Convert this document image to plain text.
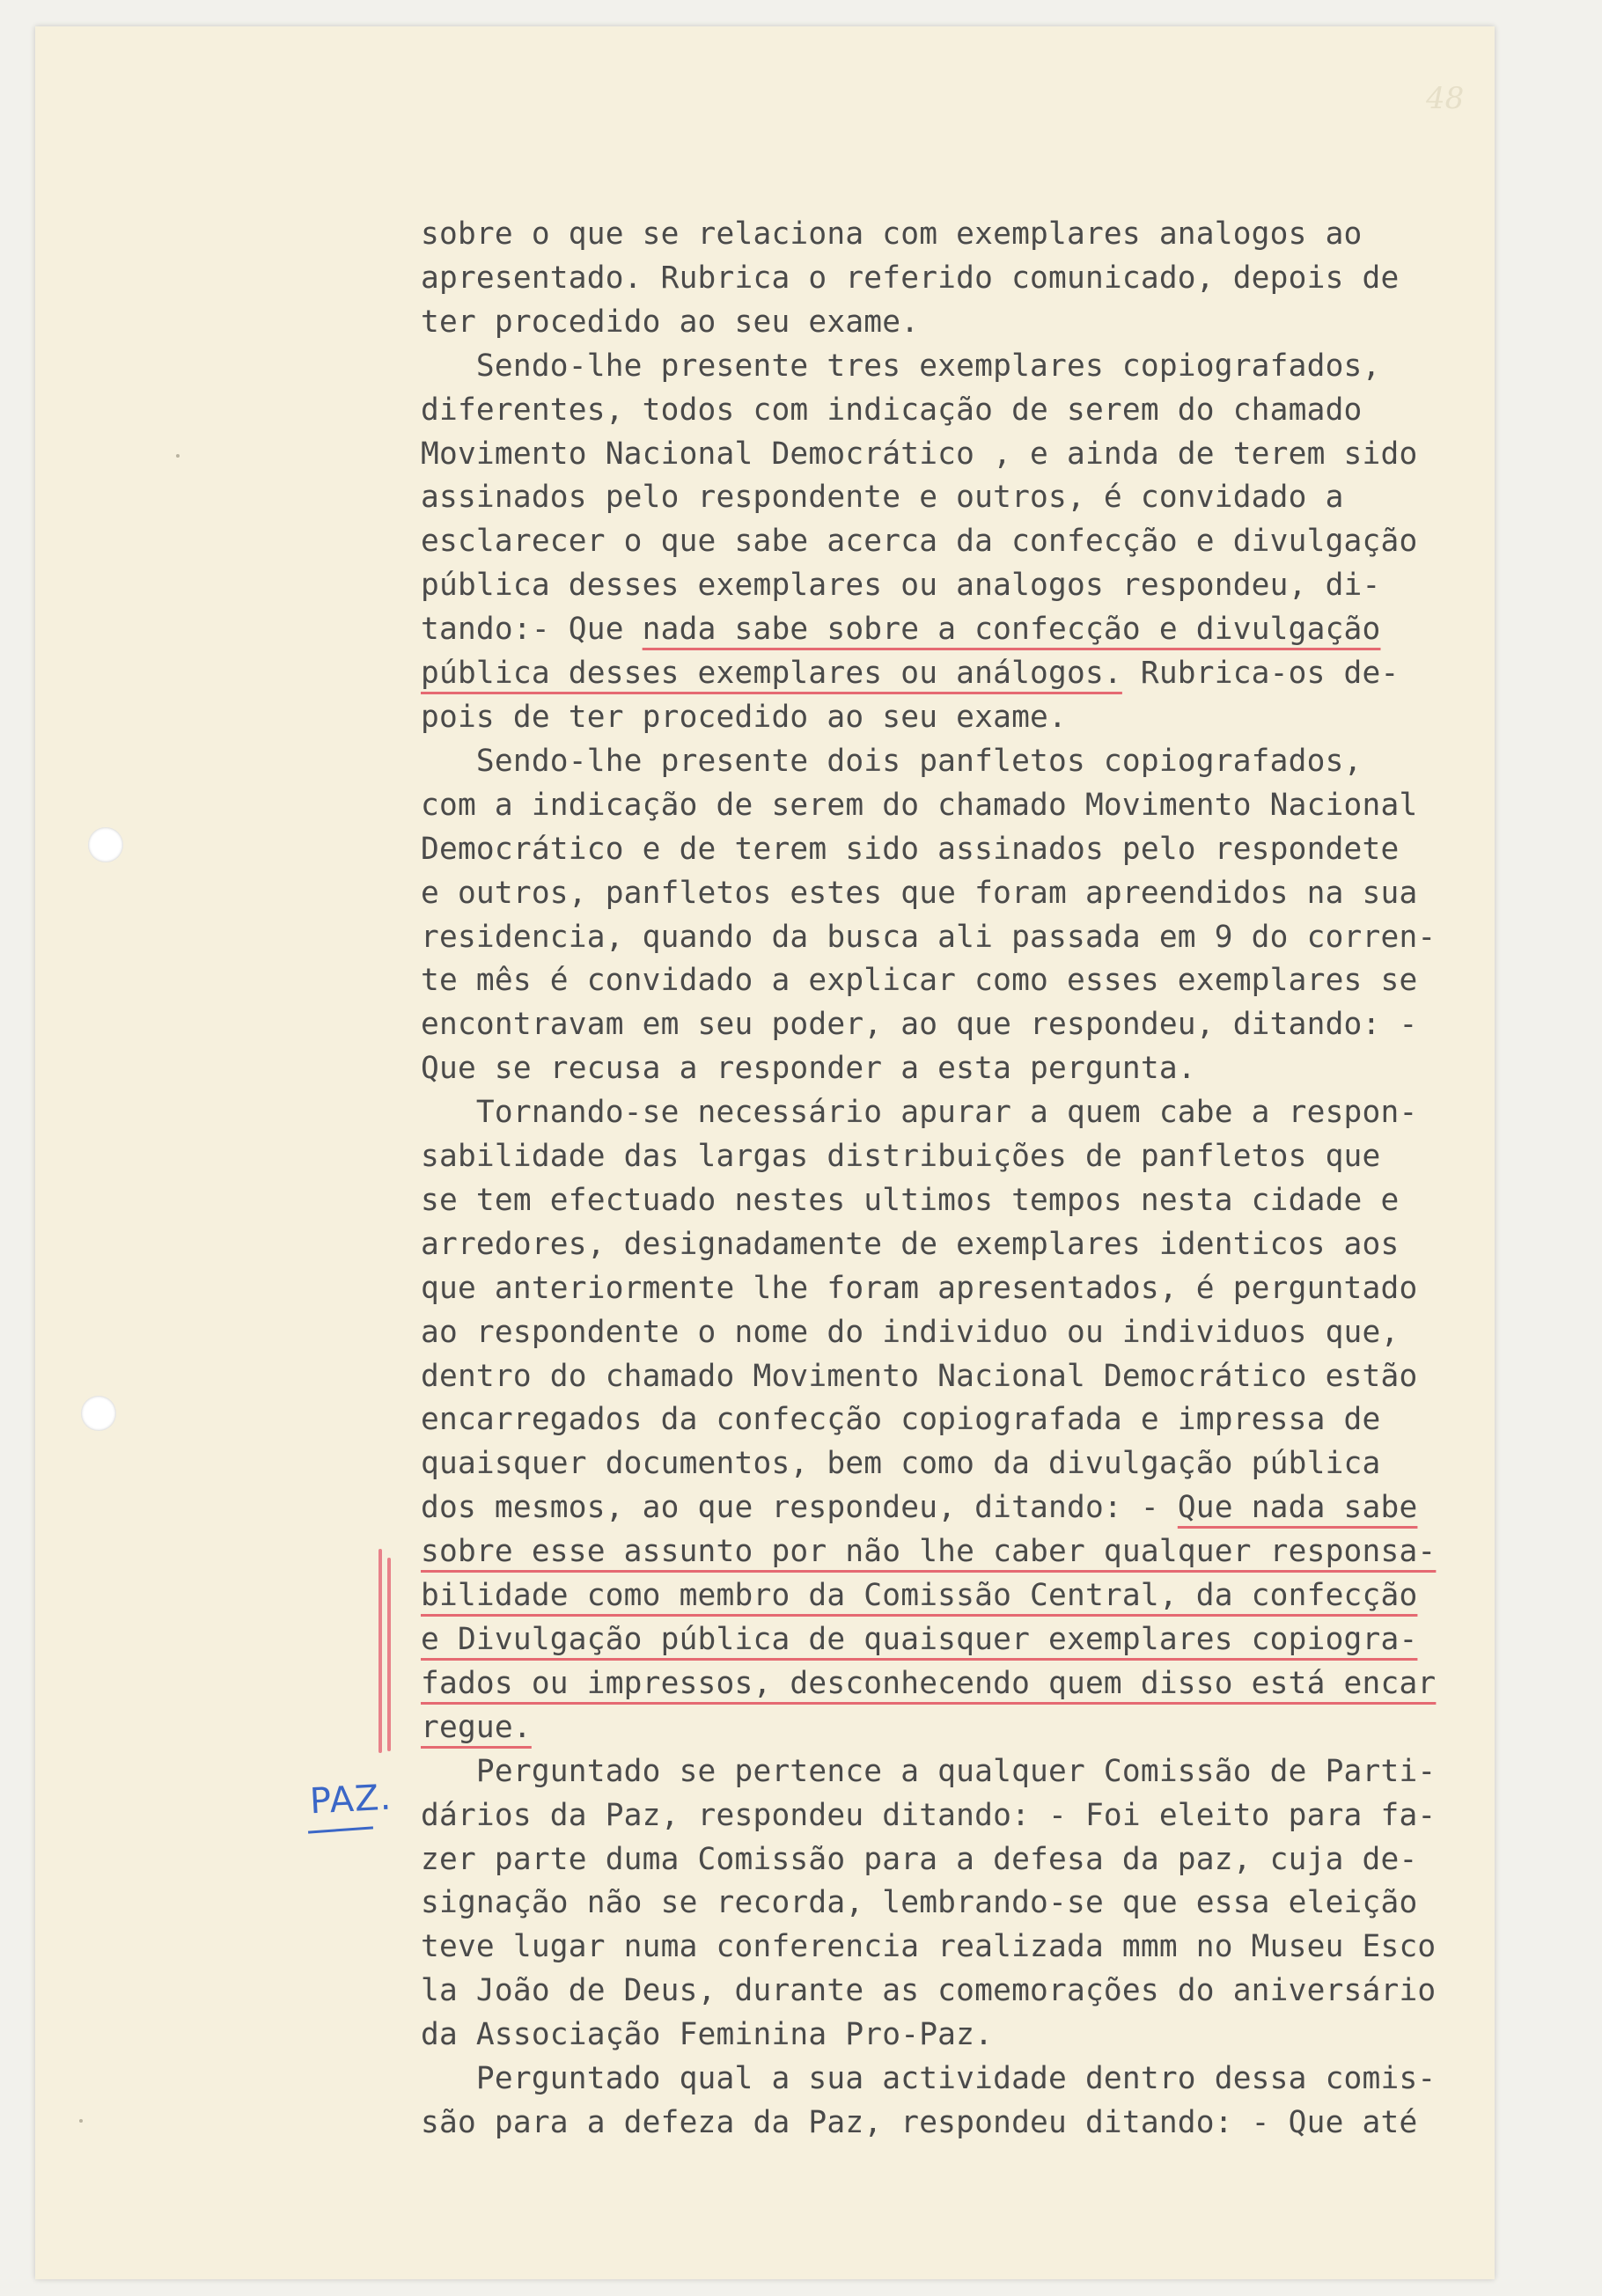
48
PAZ.

sobre o que se relaciona com exemplares analogos ao

apresentado. Rubrica o referido comunicado, depois de

ter procedido ao seu exame.

Sendo-lhe presente tres exemplares copiografados,

diferentes, todos com indicação de serem do chamado

Movimento Nacional Democrático , e ainda de terem sido

assinados pelo respondente e outros, é convidado a

esclarecer o que sabe acerca da confecção e divulgação

pública desses exemplares ou analogos respondeu, di-

tando:- Que nada sabe sobre a confecção e divulgação

pública desses exemplares ou análogos. Rubrica-os de-

pois de ter procedido ao seu exame.

Sendo-lhe presente dois panfletos copiografados,

com a indicação de serem do chamado Movimento Nacional

Democrático e de terem sido assinados pelo respondete

e outros, panfletos estes que foram apreendidos na sua

residencia, quando da busca ali passada em 9 do corren-

te mês é convidado a explicar como esses exemplares se

encontravam em seu poder, ao que respondeu, ditando: -

Que se recusa a responder a esta pergunta.

Tornando-se necessário apurar a quem cabe a respon-

sabilidade das largas distribuições de panfletos que

se tem efectuado nestes ultimos tempos nesta cidade e

arredores, designadamente de exemplares identicos aos

que anteriormente lhe foram apresentados, é perguntado

ao respondente o nome do individuo ou individuos que,

dentro do chamado Movimento Nacional Democrático estão

encarregados da confecção copiografada e impressa de

quaisquer documentos, bem como da divulgação pública

dos mesmos, ao que respondeu, ditando: - Que nada sabe

sobre esse assunto por não lhe caber qualquer responsa-

bilidade como membro da Comissão Central, da confecção

e Divulgação pública de quaisquer exemplares copiogra-

fados ou impressos, desconhecendo quem disso está encar

regue.

Perguntado se pertence a qualquer Comissão de Parti-

dários da Paz, respondeu ditando: - Foi eleito para fa-

zer parte duma Comissão para a defesa da paz, cuja de-

signação não se recorda, lembrando-se que essa eleição

teve lugar numa conferencia realizada mmm no Museu Esco

la João de Deus, durante as comemorações do aniversário

da Associação Feminina Pro-Paz.

Perguntado qual a sua actividade dentro dessa comis-

são para a defeza da Paz, respondeu ditando: - Que até
